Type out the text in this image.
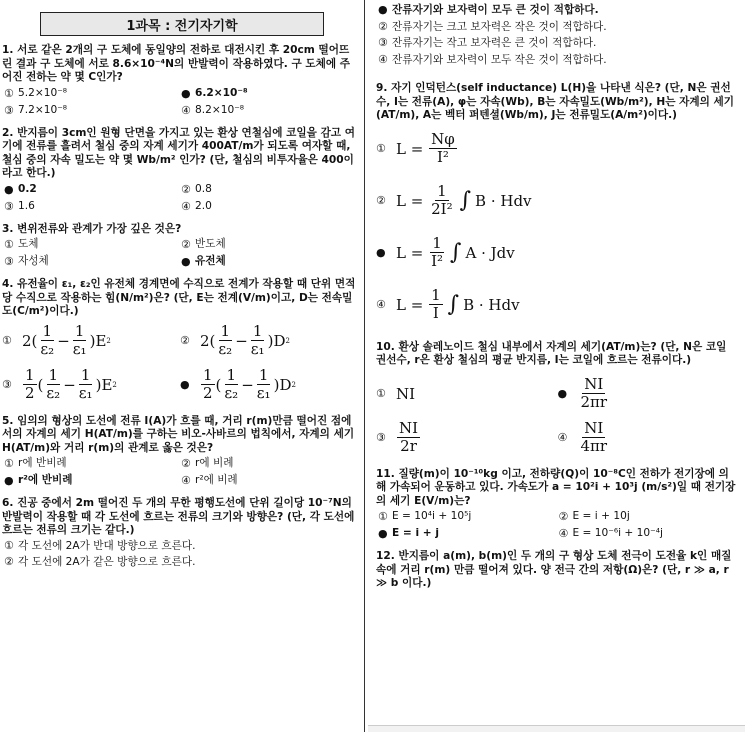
1과목 : 전기자기학
1. 서로 같은 2개의 구 도체에 동일양의 전하로 대전시킨 후 20cm 떨어뜨린 결과 구 도체에 서로 8.6×10⁻⁴N의 반발력이 작용하였다. 구 도체에 주어진 전하는 약 몇 C인가?
① 5.2×10⁻⁸	● 6.2×10⁻⁸
③ 7.2×10⁻⁸	④ 8.2×10⁻⁸
2. 반지름이 3cm인 원형 단면을 가지고 있는 환상 연철심에 코일을 감고 여기에 전류를 흘려서 철심 중의 자계 세기가 400AT/m가 되도록 여자할 때, 철심 중의 자속 밀도는 약 몇 Wb/m² 인가? (단, 철심의 비투자율은 400이라고 한다.)
● 0.2	② 0.8
③ 1.6	④ 2.0
3. 변위전류와 관계가 가장 깊은 것은?
① 도체	② 반도체
③ 자성체	● 유전체
4. 유전율이 ε₁, ε₂인 유전체 경계면에 수직으로 전계가 작용할 때 단위 면적당 수직으로 작용하는 힘(N/m²)은? (단, E는 전계(V/m)이고, D는 전속밀도(C/m²)이다.)
① 2 ( $\frac{1}{\text{ε₂}} - \frac{1}{\text{ε₁}}$ ) E 2	② 2 ( $\frac{1}{\text{ε₂}} - \frac{1}{\text{ε₁}}$ ) D 2
③ $\frac{1}{2}$ ( $\frac{1}{\text{ε₂}} - \frac{1}{\text{ε₁}}$ ) E 2	● $\frac{1}{2}$ ( $\frac{1}{\text{ε₂}} - \frac{1}{\text{ε₁}}$ ) D 2
5. 임의의 형상의 도선에 전류 I(A)가 흐를 때, 거리 r(m)만큼 떨어진 점에서의 자계의 세기 H(AT/m)를 구하는 비오-사바르의 법칙에서, 자계의 세기 H(AT/m)와 거리 r(m)의 관계로 옳은 것은?
① r에 반비례	② r에 비례
● r²에 반비례	④ r²에 비례
6. 진공 중에서 2m 떨어진 두 개의 무한 평행도선에 단위 길이당 10⁻⁷N의 반발력이 작용할 때 각 도선에 흐르는 전류의 크기와 방향은? (단, 각 도선에 흐르는 전류의 크기는 같다.)
① 각 도선에 2A가 반대 방향으로 흐른다.
② 각 도선에 2A가 같은 방향으로 흐른다.
● 잔류자기와 보자력이 모두 큰 것이 적합하다.
② 잔류자기는 크고 보자력은 작은 것이 적합하다.
③ 잔류자기는 작고 보자력은 큰 것이 적합하다.
④ 잔류자기와 보자력이 모두 작은 것이 적합하다.
9. 자기 인덕턴스(self inductance) L(H)을 나타낸 식은? (단, N은 권선수, I는 전류(A), φ는 자속(Wb), B는 자속밀도(Wb/m²), H는 자계의 세기(AT/m), A는 벡터 퍼텐셜(Wb/m), J는 전류밀도(A/m²)이다.)
① L =
$\frac{N\varphi}{\text{I²}}$
② L =
$\frac{1}{\text{2I²}}$ ∫ B · Hdv
● L =
$\frac{1}{\text{I²}}$ ∫ A · Jdv
④ L =
$\frac{1}{I}$ ∫ B · Hdv
10. 환상 솔레노이드 철심 내부에서 자계의 세기(AT/m)는? (단, N은 코일 권선수, r은 환상 철심의 평균 반지름, I는 코일에 흐르는 전류이다.)
① NI	● $\frac{NI}{2\pi r}$
③ $\frac{NI}{2r}$	④ $\frac{NI}{4\pi r}$
11. 질량(m)이 10⁻¹⁰kg 이고, 전하량(Q)이 10⁻⁸C인 전하가 전기장에 의해 가속되어 운동하고 있다. 가속도가 a = 10²i + 10³j (m/s²)일 때 전기장의 세기 E(V/m)는?
① E = 10⁴i + 10⁵j	② E = i + 10j
● E = i + j	④ E = 10⁻⁶i + 10⁻⁴j
12. 반지름이 a(m), b(m)인 두 개의 구 형상 도체 전극이 도전율 k인 매질 속에 거리 r(m) 만큼 떨어져 있다. 양 전극 간의 저항(Ω)은? (단, r ≫ a, r ≫ b 이다.)
